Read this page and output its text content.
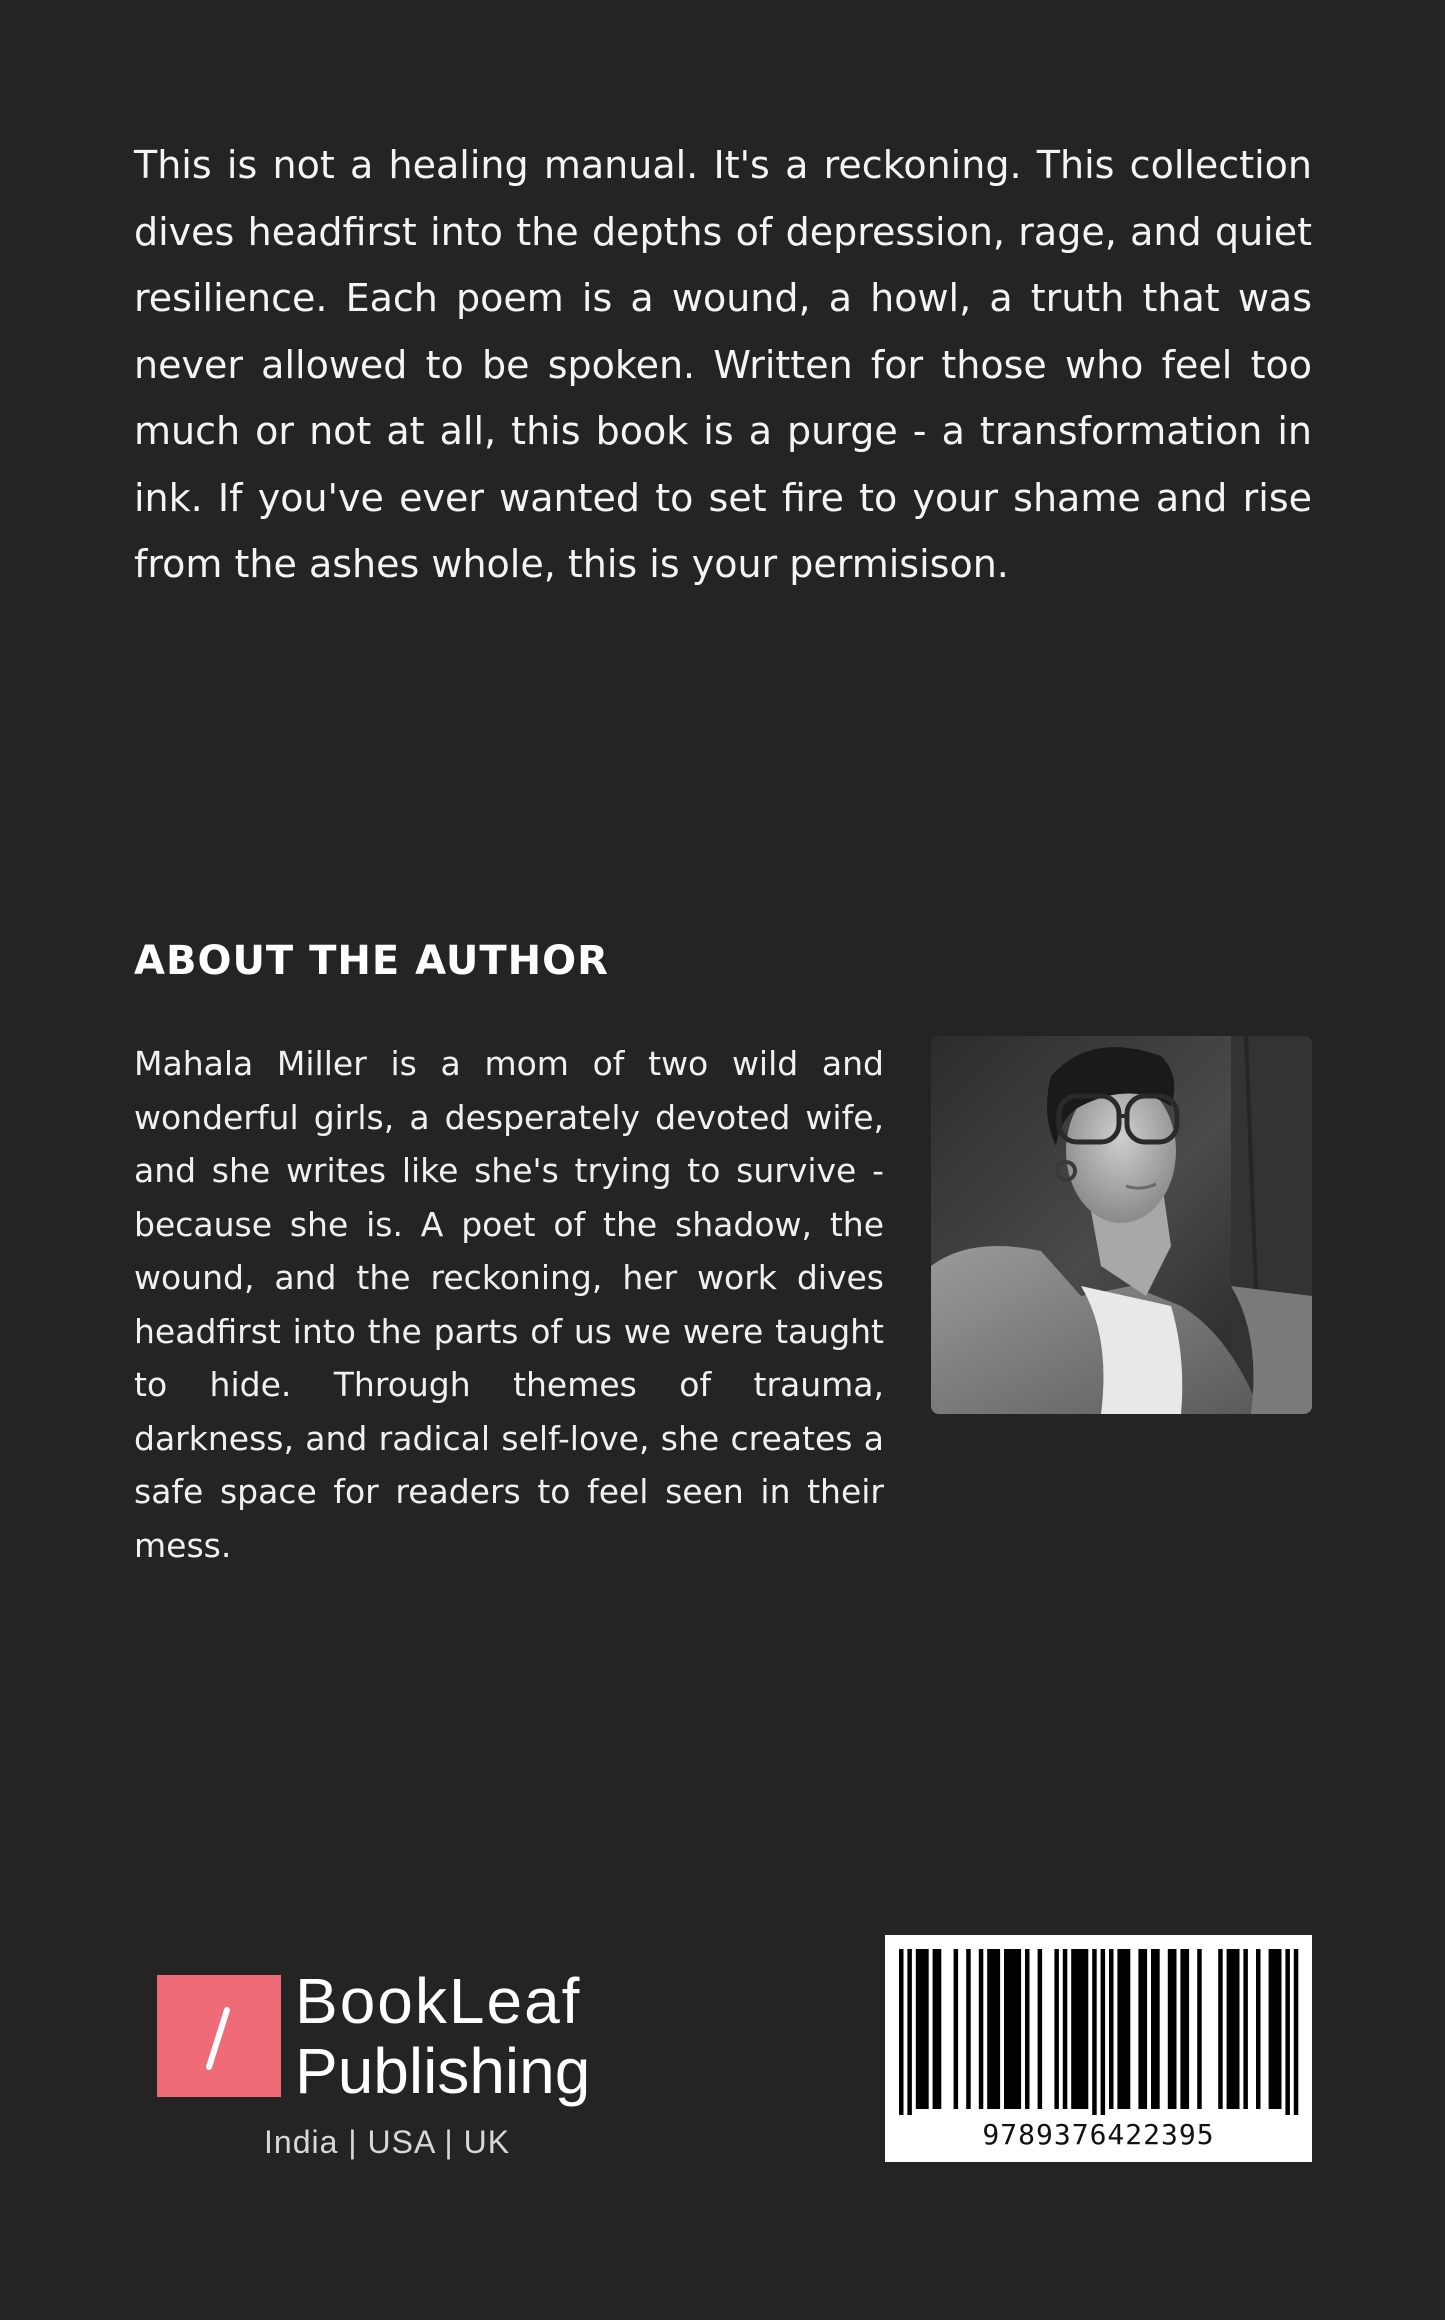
This is not a healing manual. It's a reckoning. This collection dives headfirst into the depths of depression, rage, and quiet resilience. Each poem is a wound, a howl, a truth that was never allowed to be spoken. Written for those who feel too much or not at all, this book is a purge - a transformation in ink. If you've ever wanted to set fire to your shame and rise from the ashes whole, this is your permisison.

ABOUT THE AUTHOR

Mahala Miller is a mom of two wild and wonderful girls, a desperately devoted wife, and she writes like she's trying to survive - because she is. A poet of the shadow, the wound, and the reckoning, her work dives headfirst into the parts of us we were taught to hide. Through themes of trauma, darkness, and radical self-love, she creates a safe space for readers to feel seen in their mess.

BookLeaf
Publishing
India | USA | UK	9789376422395
